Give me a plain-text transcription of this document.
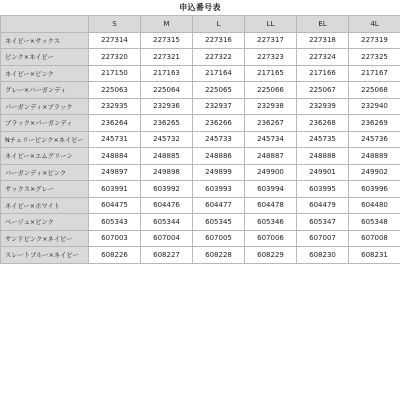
申込番号表
	S	M	L	LL	EL	4L
ネイビー×サックス	227314	227315	227316	227317	227318	227319
ピンク×ネイビー	227320	227321	227322	227323	227324	227325
ネイビー×ピンク	217150	217163	217164	217165	217166	217167
グレー×バーガンディ	225063	225064	225065	225066	225067	225068
バーガンディ×ブラック	232935	232936	232937	232938	232939	232940
ブラック×バーガンディ	236264	236265	236266	236267	236268	236269
Nチェリーピンク×ネイビー	245731	245732	245733	245734	245735	245736
ネイビー×エムグリーン	248884	248885	248886	248887	248888	248889
バーガンディ×ピンク	249897	249898	249899	249900	249901	249902
サックス×グレー	603991	603992	603993	603994	603995	603996
ネイビー×ホワイト	604475	604476	604477	604478	604479	604480
ベージュ×ピンク	605343	605344	605345	605346	605347	605348
サンドピンク×ネイビー	607003	607004	607005	607006	607007	607008
スレートブルー×ネイビー	608226	608227	608228	608229	608230	608231
